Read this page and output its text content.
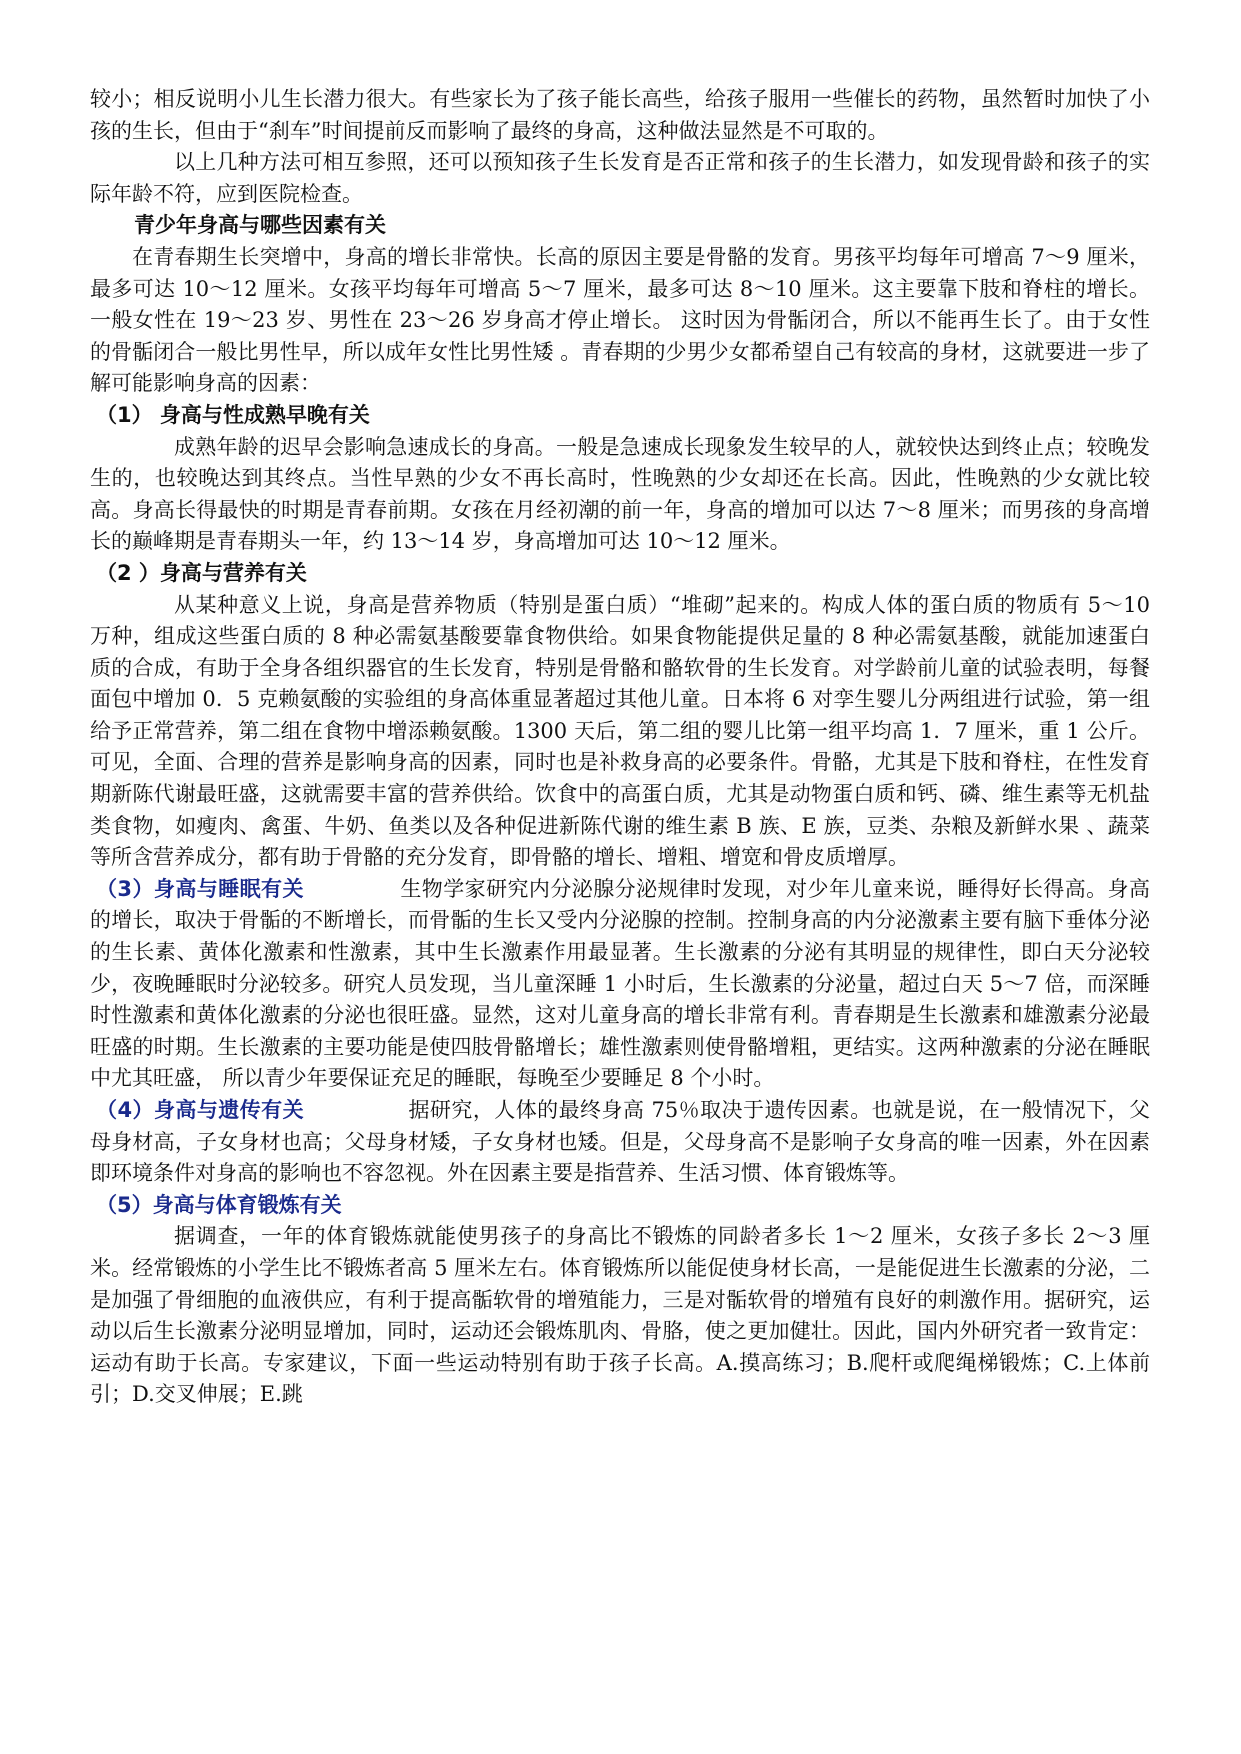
较小；相反说明小儿生长潜力很大。有些家长为了孩子能长高些，给孩子服用一些催长的药物，虽然暂时加快了小孩的生长，但由于“刹车”时间提前反而影响了最终的身高，这种做法显然是不可取的。

以上几种方法可相互参照，还可以预知孩子生长发育是否正常和孩子的生长潜力，如发现骨龄和孩子的实际年龄不符，应到医院检查。

青少年身高与哪些因素有关

在青春期生长突增中，身高的增长非常快。长高的原因主要是骨骼的发育。男孩平均每年可增高 7～9 厘米，最多可达 10～12 厘米。女孩平均每年可增高 5～7 厘米，最多可达 8～10 厘米。这主要靠下肢和脊柱的增长。一般女性在 19～23 岁、男性在 23～26 岁身高才停止增长。 这时因为骨骺闭合，所以不能再生长了。由于女性的骨骺闭合一般比男性早，所以成年女性比男性矮 。青春期的少男少女都希望自己有较高的身材，这就要进一步了解可能影响身高的因素：

（1） 身高与性成熟早晚有关

成熟年龄的迟早会影响急速成长的身高。一般是急速成长现象发生较早的人，就较快达到终止点；较晚发生的，也较晚达到其终点。当性早熟的少女不再长高时，性晚熟的少女却还在长高。因此，性晚熟的少女就比较高。身高长得最快的时期是青春前期。女孩在月经初潮的前一年，身高的增加可以达 7～8 厘米；而男孩的身高增长的巅峰期是青春期头一年，约 13～14 岁，身高增加可达 10～12 厘米。

（2 ）身高与营养有关

从某种意义上说，身高是营养物质（特别是蛋白质）“堆砌”起来的。构成人体的蛋白质的物质有 5～10 万种，组成这些蛋白质的 8 种必需氨基酸要靠食物供给。如果食物能提供足量的 8 种必需氨基酸，就能加速蛋白质的合成，有助于全身各组织器官的生长发育，特别是骨骼和骼软骨的生长发育。对学龄前儿童的试验表明，每餐面包中增加 0．5 克赖氨酸的实验组的身高体重显著超过其他儿童。日本将 6 对孪生婴儿分两组进行试验，第一组给予正常营养，第二组在食物中增添赖氨酸。1300 天后，第二组的婴儿比第一组平均高 1．7 厘米，重 1 公斤。可见，全面、合理的营养是影响身高的因素，同时也是补救身高的必要条件。骨骼，尤其是下肢和脊柱，在性发育期新陈代谢最旺盛，这就需要丰富的营养供给。饮食中的高蛋白质，尤其是动物蛋白质和钙、磷、维生素等无机盐类食物，如瘦肉、禽蛋、牛奶、鱼类以及各种促进新陈代谢的维生素 B 族、E 族，豆类、杂粮及新鲜水果 、蔬菜等所含营养成分，都有助于骨骼的充分发育，即骨骼的增长、增粗、增宽和骨皮质增厚。

（3）身高与睡眠有关	生物学家研究内分泌腺分泌规律时发现，对少年儿童来说，睡得好长得高。身高的增长，取决于骨骺的不断增长，而骨骺的生长又受内分泌腺的控制。控制身高的内分泌激素主要有脑下垂体分泌的生长素、黄体化激素和性激素，其中生长激素作用最显著。生长激素的分泌有其明显的规律性，即白天分泌较少，夜晚睡眠时分泌较多。研究人员发现，当儿童深睡 1 小时后，生长激素的分泌量，超过白天 5～7 倍，而深睡时性激素和黄体化激素的分泌也很旺盛。显然，这对儿童身高的增长非常有利。青春期是生长激素和雄激素分泌最旺盛的时期。生长激素的主要功能是使四肢骨骼增长；雄性激素则使骨骼增粗，更结实。这两种激素的分泌在睡眠中尤其旺盛， 所以青少年要保证充足的睡眠，每晚至少要睡足 8 个小时。

（4）身高与遗传有关	据研究，人体的最终身高 75％取决于遗传因素。也就是说，在一般情况下，父母身材高，子女身材也高；父母身材矮，子女身材也矮。但是，父母身高不是影响子女身高的唯一因素，外在因素即环境条件对身高的影响也不容忽视。外在因素主要是指营养、生活习惯、体育锻炼等。

（5）身高与体育锻炼有关

据调查，一年的体育锻炼就能使男孩子的身高比不锻炼的同龄者多长 1～2 厘米，女孩子多长 2～3 厘米。经常锻炼的小学生比不锻炼者高 5 厘米左右。体育锻炼所以能促使身材长高，一是能促进生长激素的分泌，二是加强了骨细胞的血液供应，有利于提高骺软骨的增殖能力，三是对骺软骨的增殖有良好的刺激作用。据研究，运动以后生长激素分泌明显增加，同时，运动还会锻炼肌肉、骨胳，使之更加健壮。因此，国内外研究者一致肯定：运动有助于长高。专家建议，下面一些运动特别有助于孩子长高。A.摸高练习；B.爬杆或爬绳梯锻炼；C.上体前引；D.交叉伸展；E.跳
